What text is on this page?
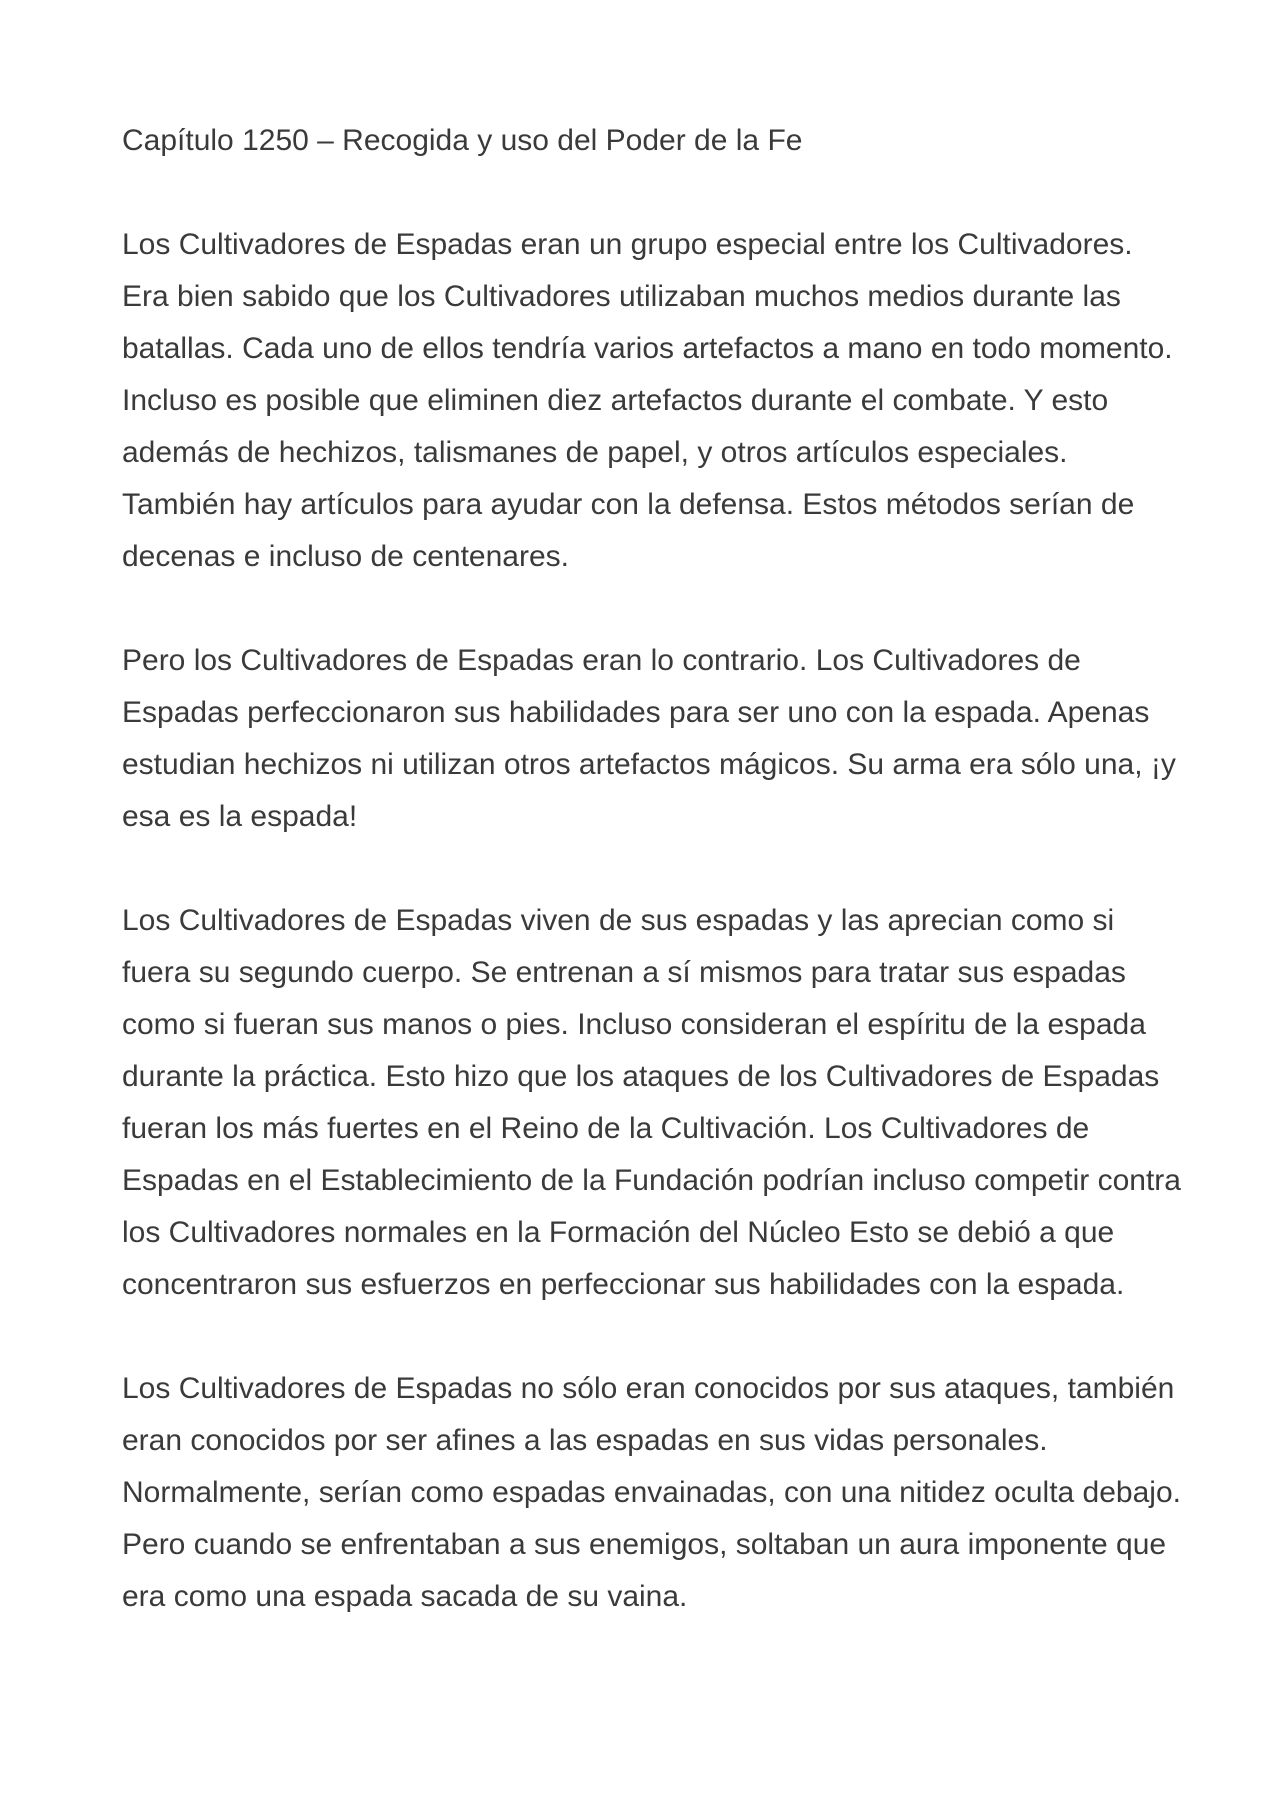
Capítulo 1250 – Recogida y uso del Poder de la Fe

Los Cultivadores de Espadas eran un grupo especial entre los Cultivadores. Era bien sabido que los Cultivadores utilizaban muchos medios durante las batallas. Cada uno de ellos tendría varios artefactos a mano en todo momento. Incluso es posible que eliminen diez artefactos durante el combate. Y esto además de hechizos, talismanes de papel, y otros artículos especiales. También hay artículos para ayudar con la defensa. Estos métodos serían de decenas e incluso de centenares.

Pero los Cultivadores de Espadas eran lo contrario. Los Cultivadores de Espadas perfeccionaron sus habilidades para ser uno con la espada. Apenas estudian hechizos ni utilizan otros artefactos mágicos. Su arma era sólo una, ¡y esa es la espada!

Los Cultivadores de Espadas viven de sus espadas y las aprecian como si fuera su segundo cuerpo. Se entrenan a sí mismos para tratar sus espadas como si fueran sus manos o pies. Incluso consideran el espíritu de la espada durante la práctica. Esto hizo que los ataques de los Cultivadores de Espadas fueran los más fuertes en el Reino de la Cultivación. Los Cultivadores de Espadas en el Establecimiento de la Fundación podrían incluso competir contra los Cultivadores normales en la Formación del Núcleo Esto se debió a que concentraron sus esfuerzos en perfeccionar sus habilidades con la espada.

Los Cultivadores de Espadas no sólo eran conocidos por sus ataques, también eran conocidos por ser afines a las espadas en sus vidas personales. Normalmente, serían como espadas envainadas, con una nitidez oculta debajo. Pero cuando se enfrentaban a sus enemigos, soltaban un aura imponente que era como una espada sacada de su vaina.
